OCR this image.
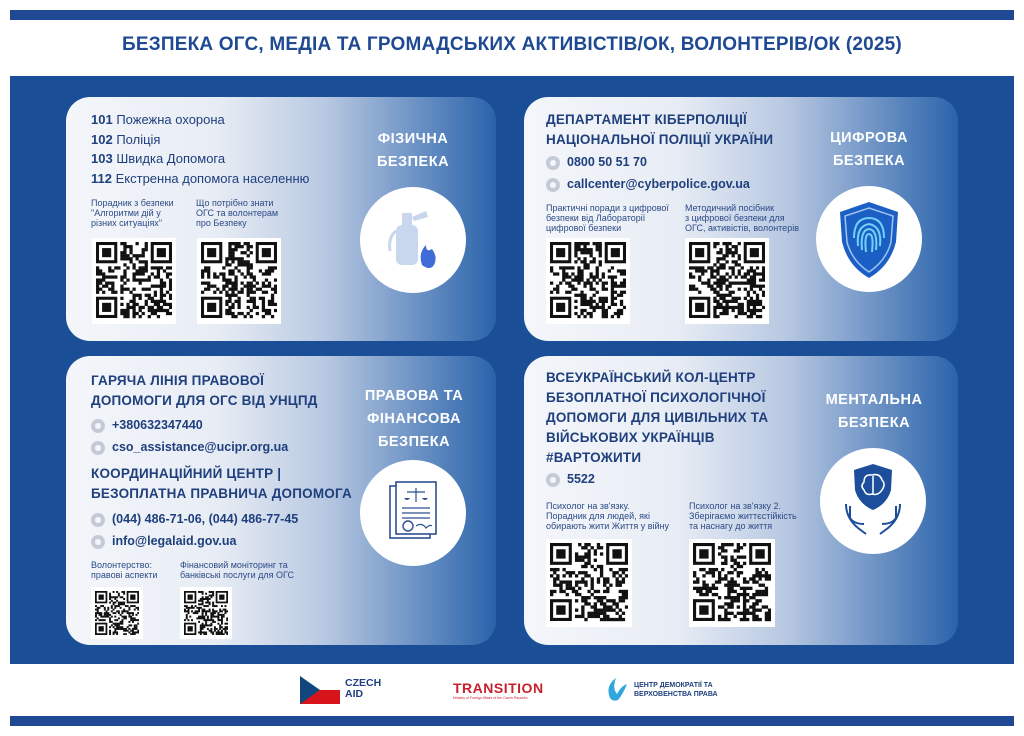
БЕЗПЕКА ОГС, МЕДІА ТА ГРОМАДСЬКИХ АКТИВІСТІВ/ОК, ВОЛОНТЕРІВ/ОК (2025)
101 Пожежна охорона
102 Поліція
103 Швидка Допомога
112 Екстренна допомога населенню
Порадник з безпеки
"Алгоритми дій у
різних ситуаціях"
Що потрібно знати
ОГС та волонтерам
про Безпеку
ФІЗИЧНА
БЕЗПЕКА
ДЕПАРТАМЕНТ КІБЕРПОЛІЦІЇ
НАЦІОНАЛЬНОЇ ПОЛІЦІЇ УКРАЇНИ
0800 50 51 70
callcenter@cyberpolice.gov.ua
Практичні поради з цифрової
безпеки від Лабораторії
цифрової безпеки
Методичний посібник
з цифрової безпеки для
ОГС, активістів, волонтерів
ЦИФРОВА
БЕЗПЕКА
ГАРЯЧА ЛІНІЯ ПРАВОВОЇ
ДОПОМОГИ ДЛЯ ОГС ВІД УНЦПД
+380632347440
cso_assistance@ucipr.org.ua
КООРДИНАЦІЙНИЙ ЦЕНТР |
БЕЗОПЛАТНА ПРАВНИЧА ДОПОМОГА
(044) 486-71-06, (044) 486-77-45
info@legalaid.gov.ua
Волонтерство:
правові аспекти
Фінансовий моніторинг та
банківські послуги для ОГС
ПРАВОВА ТА
ФІНАНСОВА
БЕЗПЕКА
ВСЕУКРАЇНСЬКИЙ КОЛ-ЦЕНТР
БЕЗОПЛАТНОЇ ПСИХОЛОГІЧНОЇ
ДОПОМОГИ ДЛЯ ЦИВІЛЬНИХ ТА
ВІЙСЬКОВИХ УКРАЇНЦІВ
#ВАРТОЖИТИ
5522
Психолог на зв'язку.
Порадник для людей, які
обирають жити Життя у війну
Психолог на зв'язку 2.
Зберігаємо життєстійкість
та наснагу до життя
МЕНТАЛЬНА
БЕЗПЕКА
CZECH
AID	TRANSITION
Ministry of Foreign Affairs of the Czech Republic
ЦЕНТР ДЕМОКРАТІЇ ТА
ВЕРХОВЕНСТВА ПРАВА
